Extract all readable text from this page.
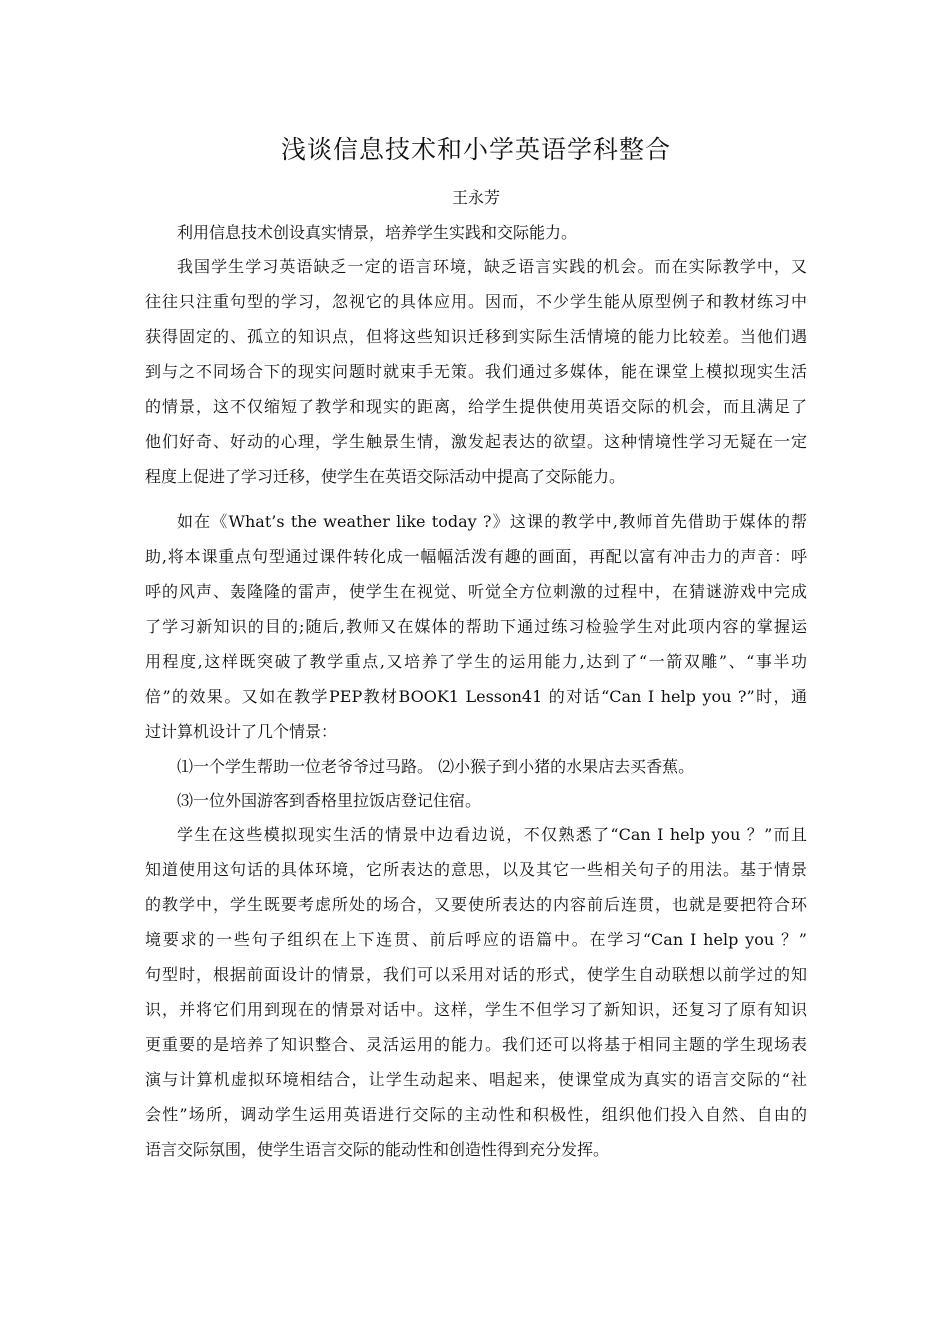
浅谈信息技术和小学英语学科整合
王永芳
利用信息技术创设真实情景，培养学生实践和交际能力。
我国学生学习英语缺乏一定的语言环境，缺乏语言实践的机会。而在实际教学中，又
往往只注重句型的学习，忽视它的具体应用。因而，不少学生能从原型例子和教材练习中
获得固定的、孤立的知识点，但将这些知识迁移到实际生活情境的能力比较差。当他们遇
到与之不同场合下的现实问题时就束手无策。我们通过多媒体，能在课堂上模拟现实生活
的情景，这不仅缩短了教学和现实的距离，给学生提供使用英语交际的机会，而且满足了
他们好奇、好动的心理，学生触景生情，激发起表达的欲望。这种情境性学习无疑在一定
程度上促进了学习迁移，使学生在英语交际活动中提高了交际能力。
如在《What’s the weather like today ?》这课的教学中,教师首先借助于媒体的帮
助,将本课重点句型通过课件转化成一幅幅活泼有趣的画面，再配以富有冲击力的声音：呼
呼的风声、轰隆隆的雷声，使学生在视觉、听觉全方位刺激的过程中，在猜谜游戏中完成
了学习新知识的目的;随后,教师又在媒体的帮助下通过练习检验学生对此项内容的掌握运
用程度,这样既突破了教学重点,又培养了学生的运用能力,达到了“一箭双雕”、“事半功
倍”的效果。又如在教学PEP教材BOOK1 Lesson41 的对话“Can I help you ?”时，通
过计算机设计了几个情景：
⑴一个学生帮助一位老爷爷过马路。 ⑵小猴子到小猪的水果店去买香蕉。
⑶一位外国游客到香格里拉饭店登记住宿。
学生在这些模拟现实生活的情景中边看边说，不仅熟悉了“Can I help you ？”而且
知道使用这句话的具体环境，它所表达的意思，以及其它一些相关句子的用法。基于情景
的教学中，学生既要考虑所处的场合，又要使所表达的内容前后连贯，也就是要把符合环
境要求的一些句子组织在上下连贯、前后呼应的语篇中。在学习“Can I help you ？”
句型时，根据前面设计的情景，我们可以采用对话的形式，使学生自动联想以前学过的知
识，并将它们用到现在的情景对话中。这样，学生不但学习了新知识，还复习了原有知识
更重要的是培养了知识整合、灵活运用的能力。我们还可以将基于相同主题的学生现场表
演与计算机虚拟环境相结合，让学生动起来、唱起来，使课堂成为真实的语言交际的“社
会性”场所，调动学生运用英语进行交际的主动性和积极性，组织他们投入自然、自由的
语言交际氛围，使学生语言交际的能动性和创造性得到充分发挥。
